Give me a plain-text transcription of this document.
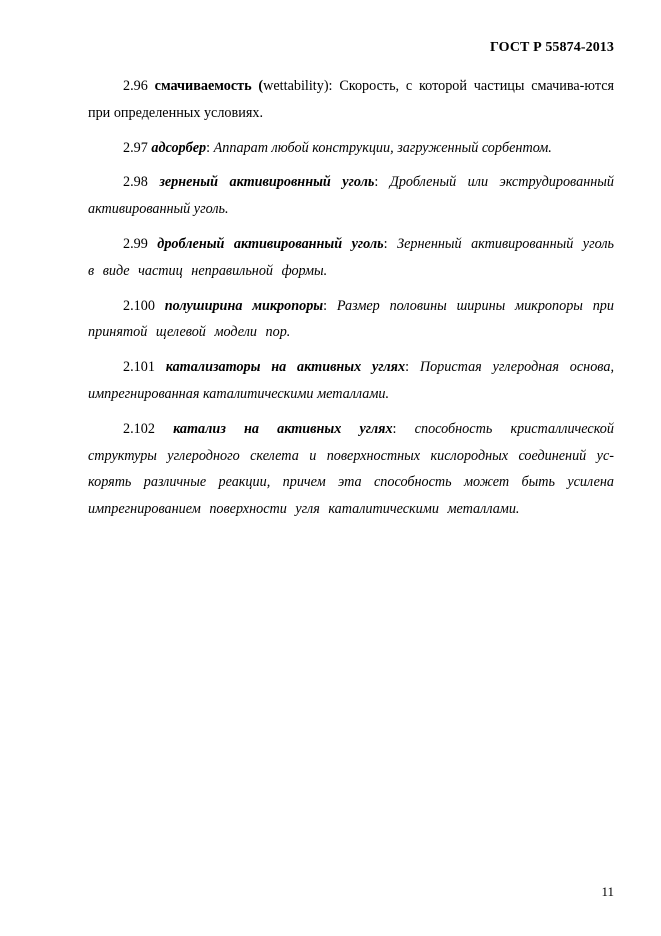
ГОСТ Р 55874-2013

2.96 смачиваемость (wettability): Скорость, с которой частицы смачива-ются при определенных условиях.

2.97 адсорбер: Аппарат любой конструкции, загруженный сорбентом.

2.98 зерненый активировнный уголь: Дробленый или экструдированный активированный уголь.

2.99 дробленый активированный уголь: Зерненный активированный уголь в виде частиц неправильной формы.

2.100 полуширина микропоры: Размер половины ширины микропоры при принятой щелевой модели пор.

2.101 катализаторы на активных углях: Пористая углеродная основа, импрегнированная каталитическими металлами.

2.102 катализ на активных углях: способность кристаллической структуры углеродного скелета и поверхностных кислородных соединений ус-корять различные реакции, причем эта способность может быть усилена импрегнированием поверхности угля каталитическими металлами.

11
